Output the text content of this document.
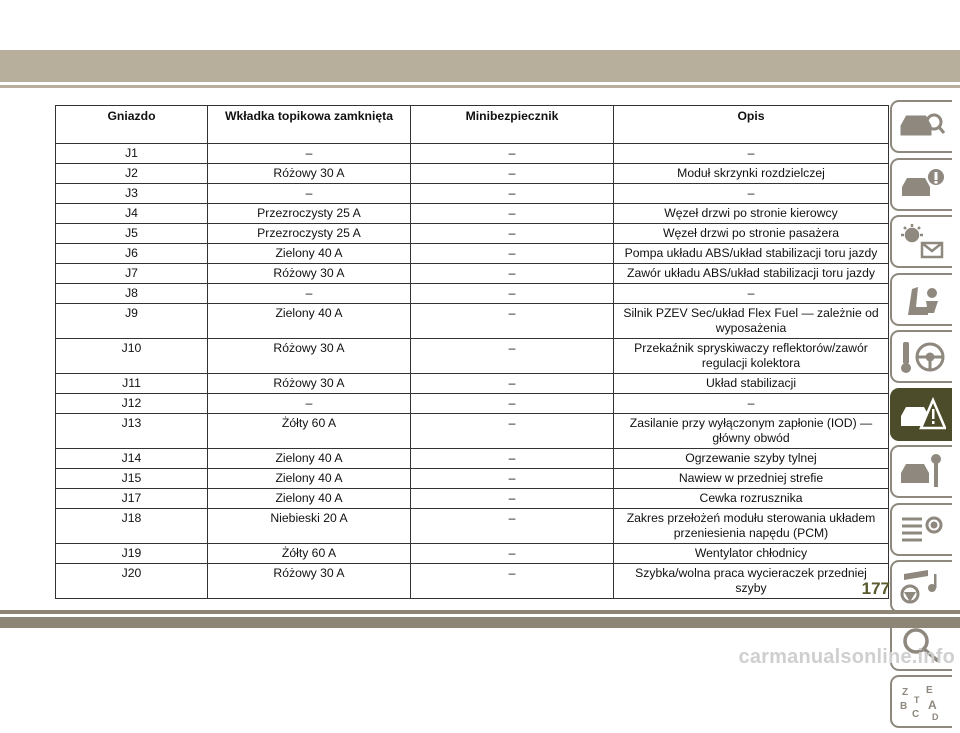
Gniazdo	Wkładka topikowa zamknięta	Minibezpiecznik	Opis
J1	–	–	–
J2	Różowy 30 A	–	Moduł skrzynki rozdzielczej
J3	–	–	–
J4	Przezroczysty 25 A	–	Węzeł drzwi po stronie kierowcy
J5	Przezroczysty 25 A	–	Węzeł drzwi po stronie pasażera
J6	Zielony 40 A	–	Pompa układu ABS/układ stabilizacji toru jazdy
J7	Różowy 30 A	–	Zawór układu ABS/układ stabilizacji toru jazdy
J8	–	–	–
J9	Zielony 40 A	–	Silnik PZEV Sec/układ Flex Fuel — zależnie od wyposażenia
J10	Różowy 30 A	–	Przekaźnik spryskiwaczy reflektorów/zawór regulacji kolektora
J11	Różowy 30 A	–	Układ stabilizacji
J12	–	–	–
J13	Żółty 60 A	–	Zasilanie przy wyłączonym zapłonie (IOD) — główny obwód
J14	Zielony 40 A	–	Ogrzewanie szyby tylnej
J15	Zielony 40 A	–	Nawiew w przedniej strefie
J17	Zielony 40 A	–	Cewka rozrusznika
J18	Niebieski 20 A	–	Zakres przełożeń modułu sterowania układem przeniesienia napędu (PCM)
J19	Żółty 60 A	–	Wentylator chłodnicy
J20	Różowy 30 A	–	Szybka/wolna praca wycieraczek przedniej szyby
Z E
B A
C D
T
177
carmanualsonline.info
